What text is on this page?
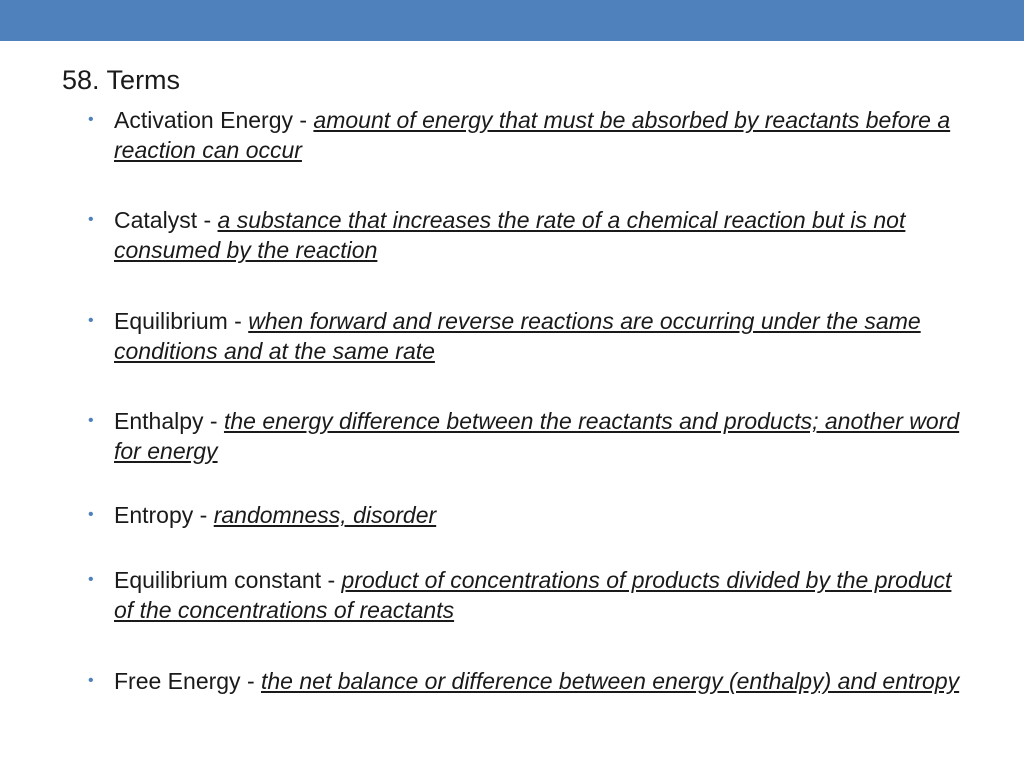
58. Terms
• Activation Energy - amount of energy that must be absorbed by reactants before a reaction can occur
• Catalyst - a substance that increases the rate of a chemical reaction but is not consumed by the reaction
• Equilibrium - when forward and reverse reactions are occurring under the same conditions and at the same rate
• Enthalpy - the energy difference between the reactants and products; another word for energy
• Entropy - randomness, disorder
• Equilibrium constant - product of concentrations of products divided by the product of the concentrations of reactants
• Free Energy - the net balance or difference between energy (enthalpy) and entropy
